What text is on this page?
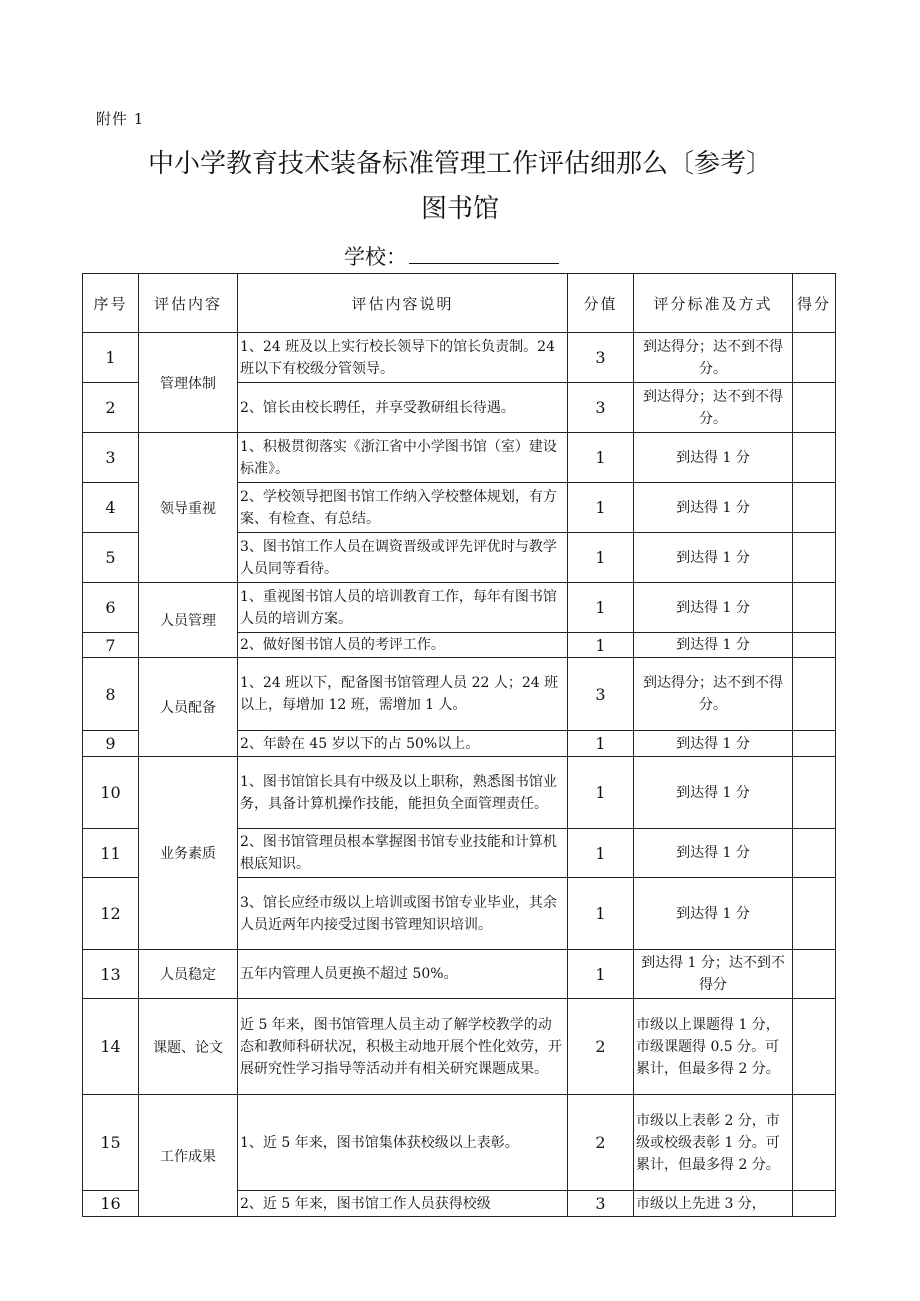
附件 1
中小学教育技术装备标准管理工作评估细那么〔参考〕
图书馆
学校：
序号	评估内容	评估内容说明	分值	评分标准及方式	得分
1	管理体制	1、24 班及以上实行校长领导下的馆长负责制。24 班以下有校级分管领导。	3	到达得分；达不到不得分。	
2		2、馆长由校长聘任，并享受教研组长待遇。	3	到达得分；达不到不得分。	
3	领导重视	1、积极贯彻落实《浙江省中小学图书馆（室）建设标准》。	1	到达得 1 分	
4		2、学校领导把图书馆工作纳入学校整体规划，有方案、有检查、有总结。	1	到达得 1 分	
5		3、图书馆工作人员在调资晋级或评先评优时与教学人员同等看待。	1	到达得 1 分	
6	人员管理	1、重视图书馆人员的培训教育工作，每年有图书馆人员的培训方案。	1	到达得 1 分	
7		2、做好图书馆人员的考评工作。	1	到达得 1 分	
8	人员配备	1、24 班以下，配备图书馆管理人员 22 人；24 班以上，每增加 12 班，需增加 1 人。	3	到达得分；达不到不得分。	
9		2、年龄在 45 岁以下的占 50%以上。	1	到达得 1 分	
10	业务素质	1、图书馆馆长具有中级及以上职称，熟悉图书馆业务，具备计算机操作技能，能担负全面管理责任。	1	到达得 1 分	
11		2、图书馆管理员根本掌握图书馆专业技能和计算机根底知识。	1	到达得 1 分	
12		3、馆长应经市级以上培训或图书馆专业毕业，其余人员近两年内接受过图书管理知识培训。	1	到达得 1 分	
13	人员稳定	五年内管理人员更换不超过 50%。	1	到达得 1 分；达不到不得分	
14	课题、论文	近 5 年来，图书馆管理人员主动了解学校教学的动态和教师科研状况，积极主动地开展个性化效劳，开展研究性学习指导等活动并有相关研究课题成果。	2	市级以上课题得 1 分，市级课题得 0.5 分。可累计，但最多得 2 分。	
15	工作成果	1、近 5 年来，图书馆集体获校级以上表彰。	2	市级以上表彰 2 分，市级或校级表彰 1 分。可累计，但最多得 2 分。	
16		2、近 5 年来，图书馆工作人员获得校级	3	市级以上先进 3 分，	
